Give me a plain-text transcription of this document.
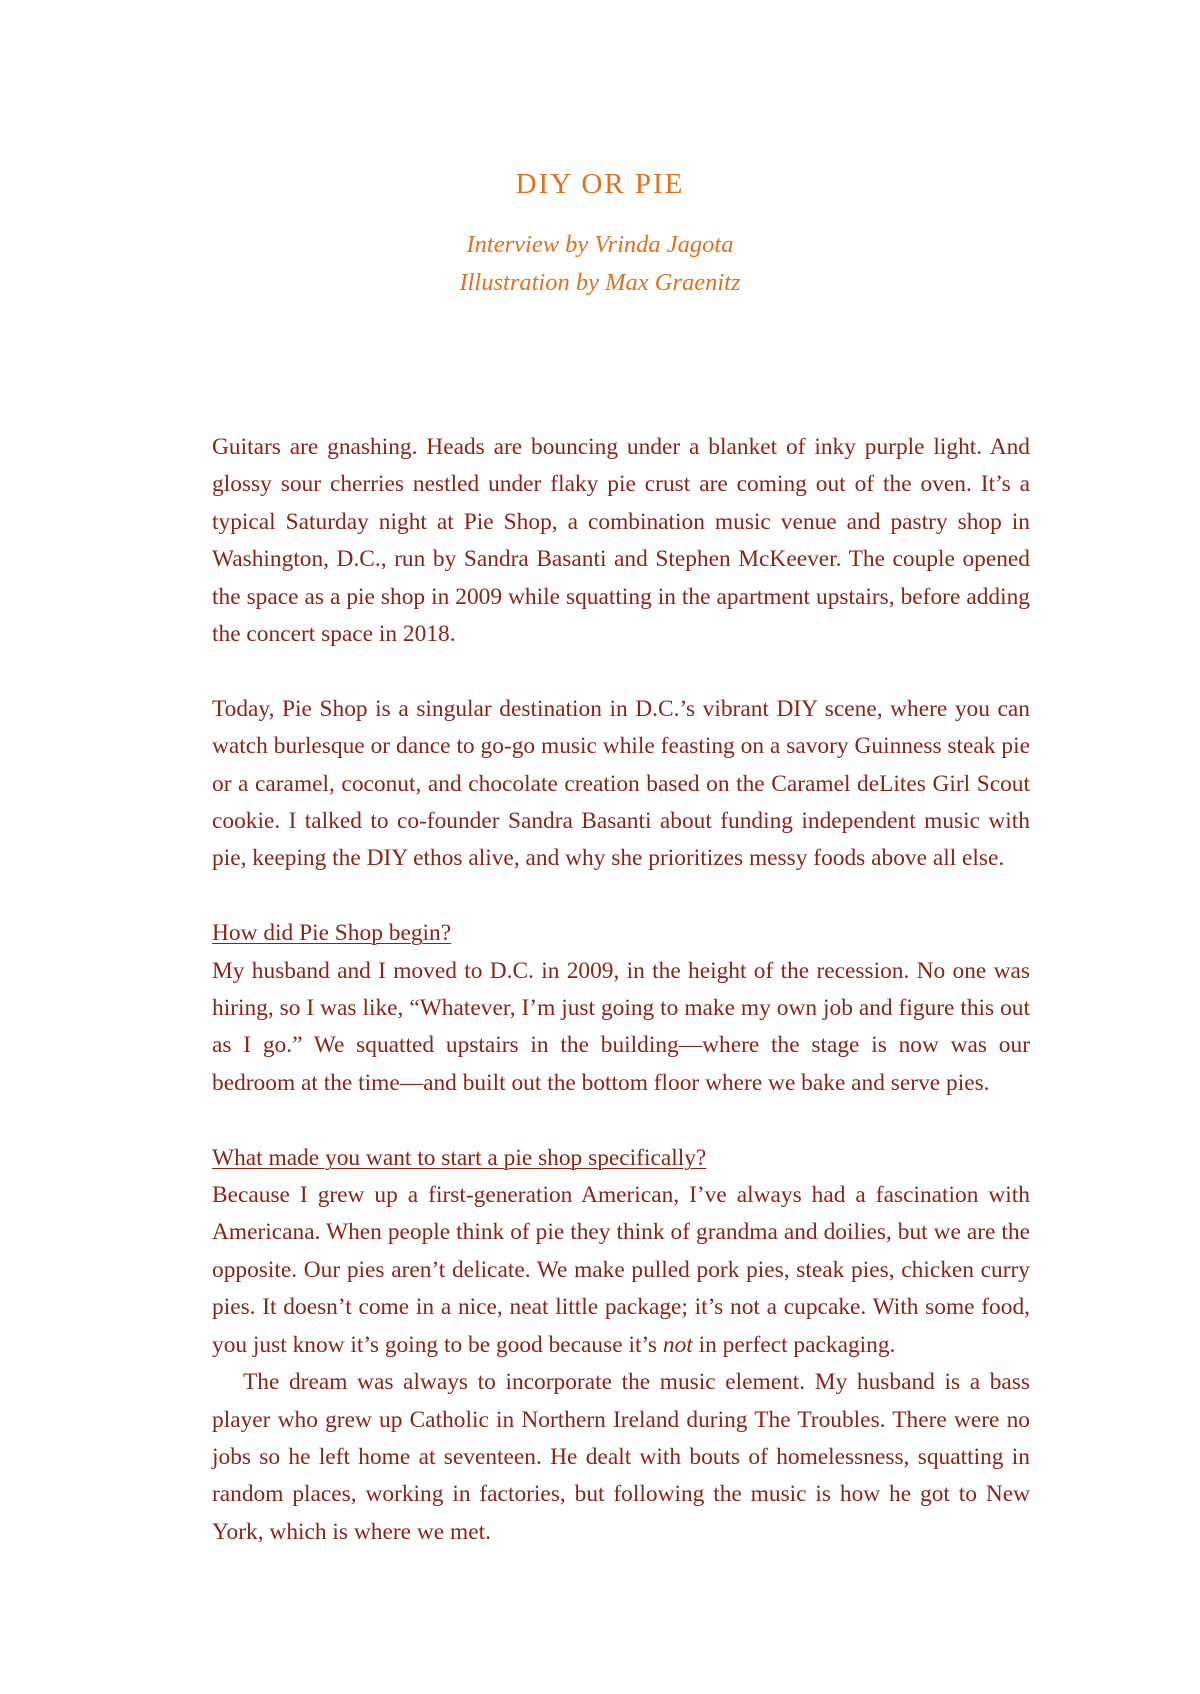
DIY OR PIE
Interview by Vrinda Jagota
Illustration by Max Graenitz

Guitars are gnashing. Heads are bouncing under a blanket of inky purple light. And glossy sour cherries nestled under flaky pie crust are coming out of the oven. It’s a typical Saturday night at Pie Shop, a combination music venue and pastry shop in Washington, D.C., run by Sandra Basanti and Stephen McKeever. The couple opened the space as a pie shop in 2009 while squatting in the apartment upstairs, before adding the concert space in 2018.

Today, Pie Shop is a singular destination in D.C.’s vibrant DIY scene, where you can watch burlesque or dance to go-go music while feasting on a savory Guinness steak pie or a caramel, coconut, and chocolate creation based on the Caramel deLites Girl Scout cookie. I talked to co-founder Sandra Basanti about funding independent music with pie, keeping the DIY ethos alive, and why she prioritizes messy foods above all else.

How did Pie Shop begin?

My husband and I moved to D.C. in 2009, in the height of the recession. No one was hiring, so I was like, “Whatever, I’m just going to make my own job and figure this out as I go.” We squatted upstairs in the building—where the stage is now was our bedroom at the time—and built out the bottom floor where we bake and serve pies.

What made you want to start a pie shop specifically?

Because I grew up a first-generation American, I’ve always had a fascination with Americana. When people think of pie they think of grandma and doilies, but we are the opposite. Our pies aren’t delicate. We make pulled pork pies, steak pies, chicken curry pies. It doesn’t come in a nice, neat little package; it’s not a cupcake. With some food, you just know it’s going to be good because it’s not in perfect packaging.

The dream was always to incorporate the music element. My husband is a bass player who grew up Catholic in Northern Ireland during The Troubles. There were no jobs so he left home at seventeen. He dealt with bouts of homelessness, squatting in random places, working in factories, but following the music is how he got to New York, which is where we met.
